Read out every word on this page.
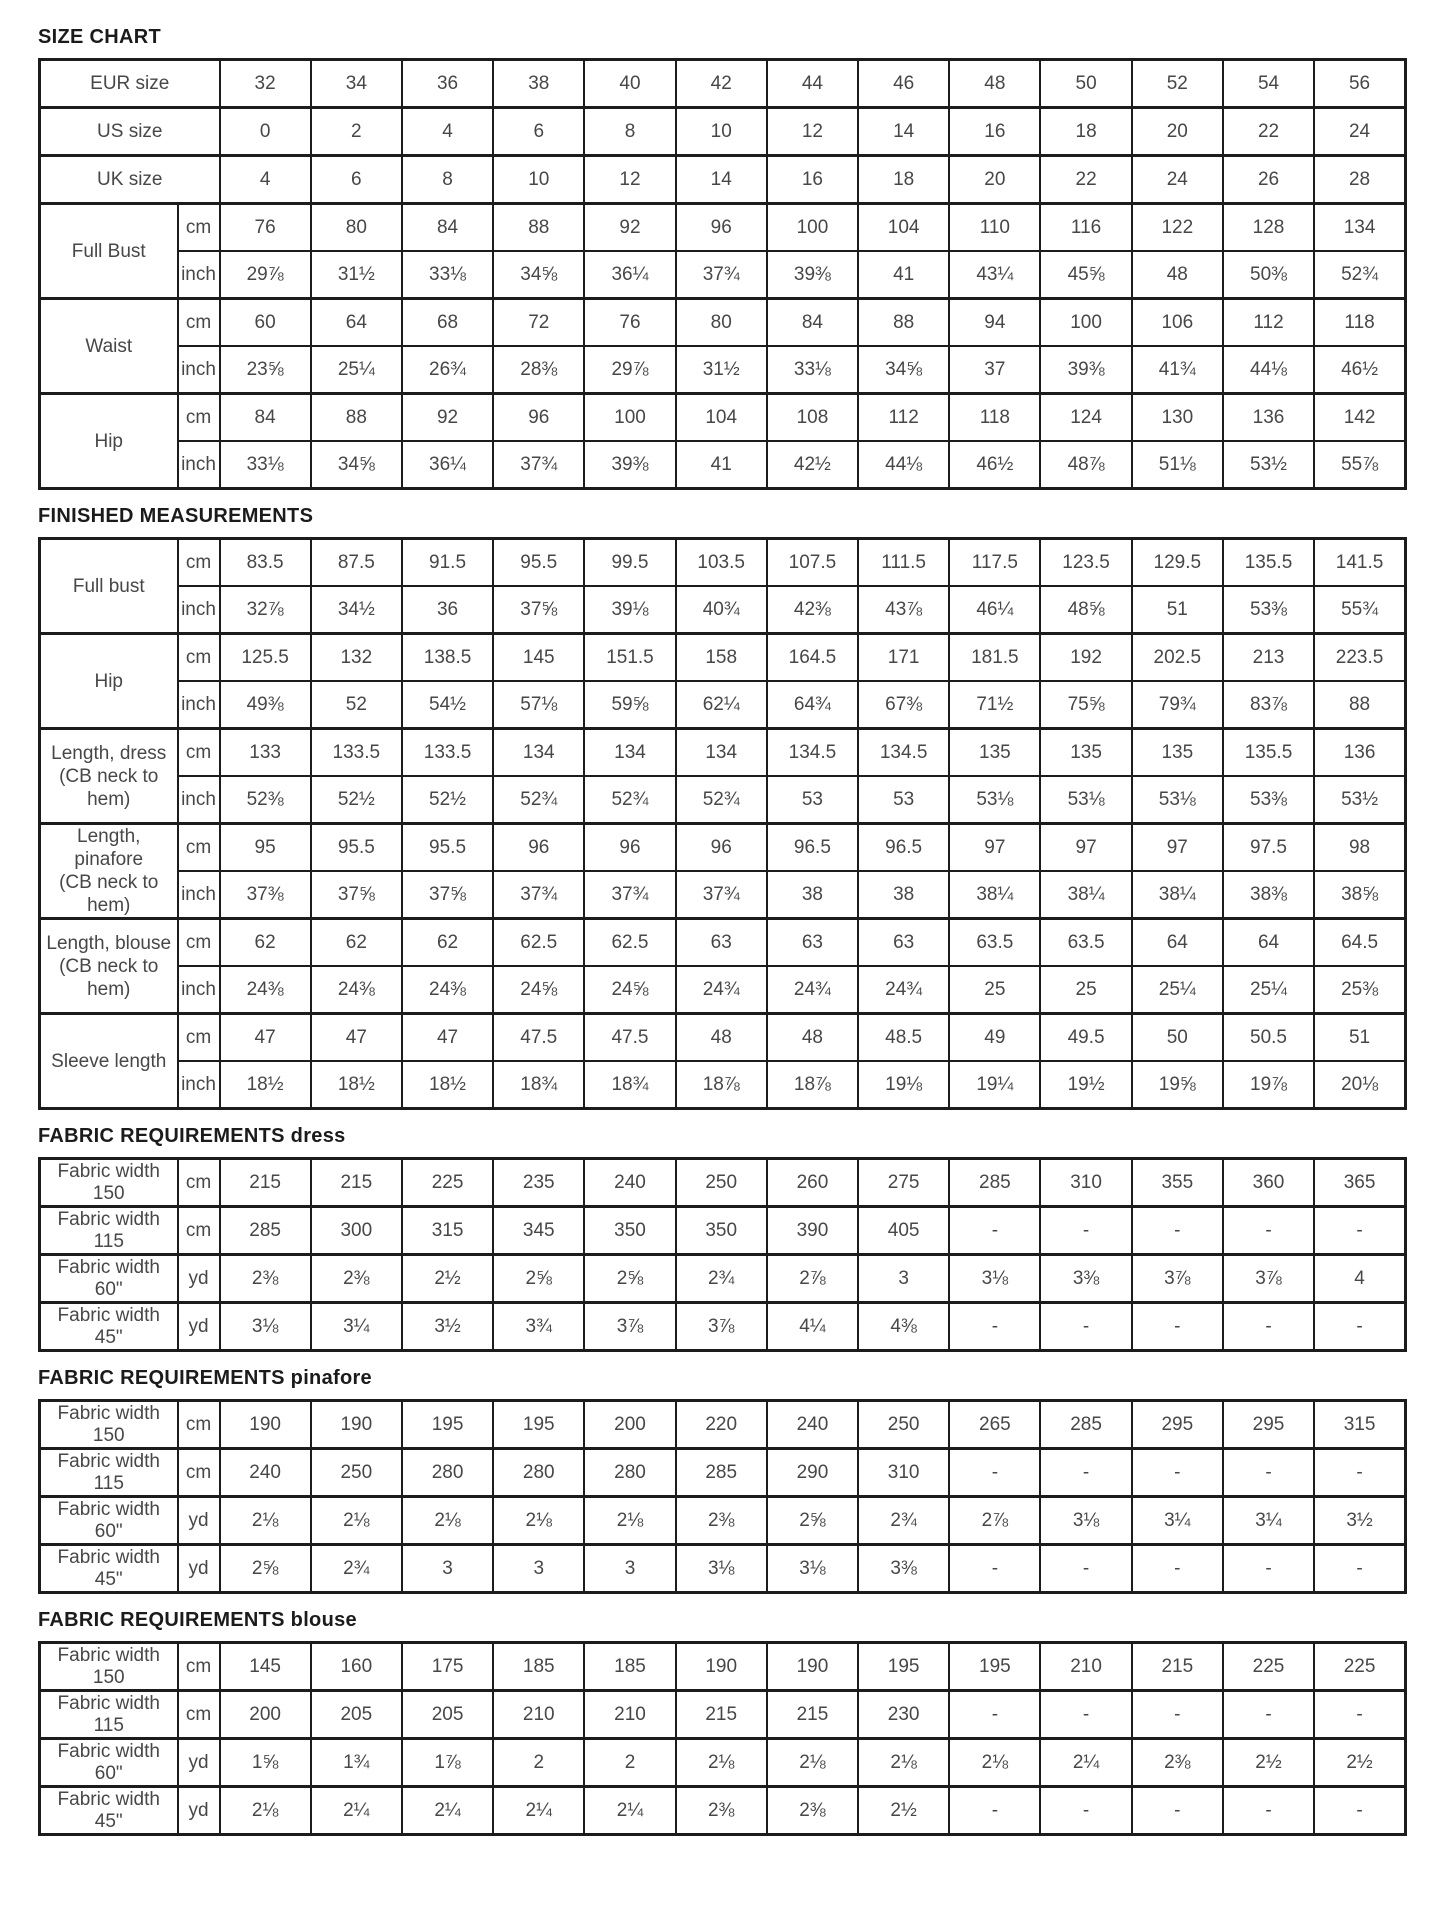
SIZE CHART
EUR size		32	34	36	38	40	42	44	46	48	50	52	54	56
US size		0	2	4	6	8	10	12	14	16	18	20	22	24
UK size		4	6	8	10	12	14	16	18	20	22	24	26	28

Full Bust	cm	76	80	84	88	92	96	100	104	110	116	122	128	134
	inch	29⅞	31½	33⅛	34⅝	36¼	37¾	39⅜	41	43¼	45⅝	48	50⅜	52¾

Waist	cm	60	64	68	72	76	80	84	88	94	100	106	112	118
	inch	23⅝	25¼	26¾	28⅜	29⅞	31½	33⅛	34⅝	37	39⅜	41¾	44⅛	46½

Hip	cm	84	88	92	96	100	104	108	112	118	124	130	136	142
	inch	33⅛	34⅝	36¼	37¾	39⅜	41	42½	44⅛	46½	48⅞	51⅛	53½	55⅞
FINISHED MEASUREMENTS
Full bust	cm	83.5	87.5	91.5	95.5	99.5	103.5	107.5	111.5	117.5	123.5	129.5	135.5	141.5
	inch	32⅞	34½	36	37⅝	39⅛	40¾	42⅜	43⅞	46¼	48⅝	51	53⅜	55¾

Hip	cm	125.5	132	138.5	145	151.5	158	164.5	171	181.5	192	202.5	213	223.5
	inch	49⅜	52	54½	57⅛	59⅝	62¼	64¾	67⅜	71½	75⅝	79¾	83⅞	88

Length, dress
(CB neck to hem)	cm	133	133.5	133.5	134	134	134	134.5	134.5	135	135	135	135.5	136
	inch	52⅜	52½	52½	52¾	52¾	52¾	53	53	53⅛	53⅛	53⅛	53⅜	53½

Length, pinafore
(CB neck to hem)	cm	95	95.5	95.5	96	96	96	96.5	96.5	97	97	97	97.5	98
	inch	37⅜	37⅝	37⅝	37¾	37¾	37¾	38	38	38¼	38¼	38¼	38⅜	38⅝

Length, blouse
(CB neck to hem)	cm	62	62	62	62.5	62.5	63	63	63	63.5	63.5	64	64	64.5
	inch	24⅜	24⅜	24⅜	24⅝	24⅝	24¾	24¾	24¾	25	25	25¼	25¼	25⅜

Sleeve length	cm	47	47	47	47.5	47.5	48	48	48.5	49	49.5	50	50.5	51
	inch	18½	18½	18½	18¾	18¾	18⅞	18⅞	19⅛	19¼	19½	19⅝	19⅞	20⅛
FABRIC REQUIREMENTS dress
Fabric width 150	cm	215	215	225	235	240	250	260	275	285	310	355	360	365
Fabric width 115	cm	285	300	315	345	350	350	390	405	-	-	-	-	-
Fabric width 60"	yd	2⅜	2⅜	2½	2⅝	2⅝	2¾	2⅞	3	3⅛	3⅜	3⅞	3⅞	4
Fabric width 45"	yd	3⅛	3¼	3½	3¾	3⅞	3⅞	4¼	4⅜	-	-	-	-	-
FABRIC REQUIREMENTS pinafore
Fabric width 150	cm	190	190	195	195	200	220	240	250	265	285	295	295	315
Fabric width 115	cm	240	250	280	280	280	285	290	310	-	-	-	-	-
Fabric width 60"	yd	2⅛	2⅛	2⅛	2⅛	2⅛	2⅜	2⅝	2¾	2⅞	3⅛	3¼	3¼	3½
Fabric width 45"	yd	2⅝	2¾	3	3	3	3⅛	3⅛	3⅜	-	-	-	-	-
FABRIC REQUIREMENTS blouse
Fabric width 150	cm	145	160	175	185	185	190	190	195	195	210	215	225	225
Fabric width 115	cm	200	205	205	210	210	215	215	230	-	-	-	-	-
Fabric width 60"	yd	1⅝	1¾	1⅞	2	2	2⅛	2⅛	2⅛	2⅛	2¼	2⅜	2½	2½
Fabric width 45"	yd	2⅛	2¼	2¼	2¼	2¼	2⅜	2⅜	2½	-	-	-	-	-
